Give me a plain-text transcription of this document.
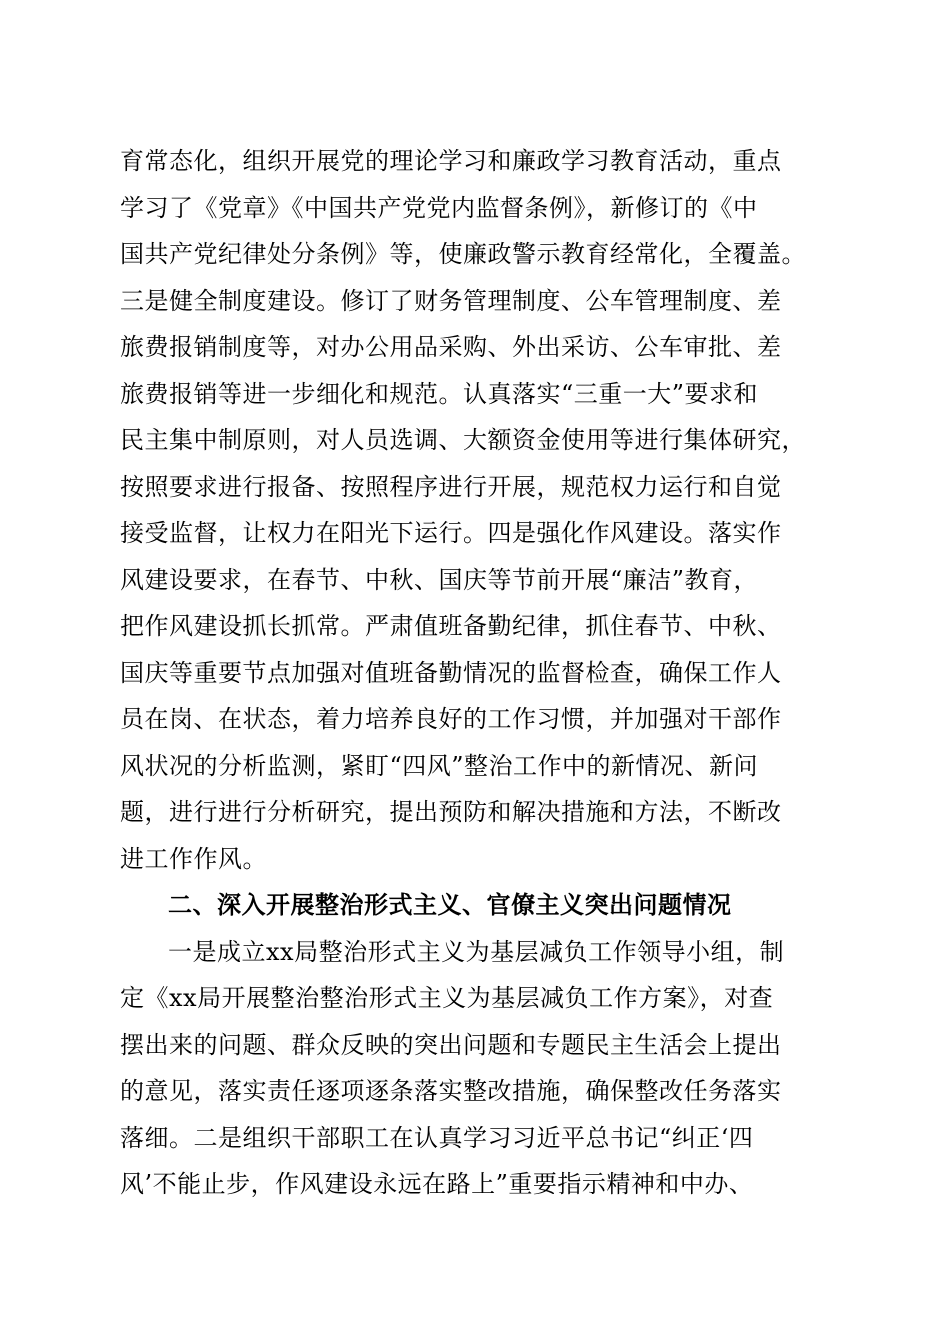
育常态化，组织开展党的理论学习和廉政学习教育活动，重点
学习了《党章》《中国共产党党内监督条例》，新修订的《中
国共产党纪律处分条例》等，使廉政警示教育经常化，全覆盖。
三是健全制度建设。修订了财务管理制度、公车管理制度、差
旅费报销制度等，对办公用品采购、外出采访、公车审批、差
旅费报销等进一步细化和规范。认真落实“三重一大”要求和
民主集中制原则，对人员选调、大额资金使用等进行集体研究，
按照要求进行报备、按照程序进行开展，规范权力运行和自觉
接受监督，让权力在阳光下运行。四是强化作风建设。落实作
风建设要求，在春节、中秋、国庆等节前开展“廉洁”教育，
把作风建设抓长抓常。严肃值班备勤纪律，抓住春节、中秋、
国庆等重要节点加强对值班备勤情况的监督检查，确保工作人
员在岗、在状态，着力培养良好的工作习惯，并加强对干部作
风状况的分析监测，紧盯“四风”整治工作中的新情况、新问
题，进行进行分析研究，提出预防和解决措施和方法，不断改
进工作作风。
二、深入开展整治形式主义、官僚主义突出问题情况
一是成立xx局整治形式主义为基层减负工作领导小组，制
定《xx局开展整治整治形式主义为基层减负工作方案》，对查
摆出来的问题、群众反映的突出问题和专题民主生活会上提出
的意见，落实责任逐项逐条落实整改措施，确保整改任务落实
落细。二是组织干部职工在认真学习习近平总书记“纠正‘四
风’不能止步，作风建设永远在路上”重要指示精神和中办、
